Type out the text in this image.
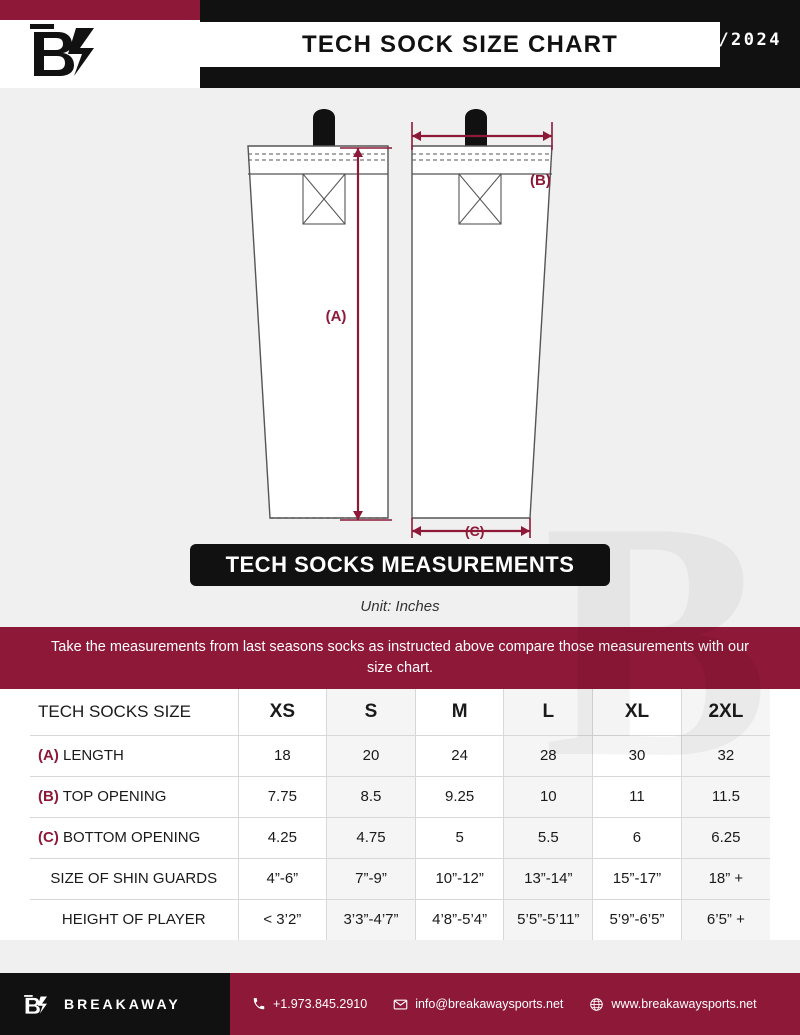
TECH SOCK SIZE CHART	2023/2024
(A)
(B)
(C)
TECH SOCKS MEASUREMENTS
Unit: Inches
Take the measurements from last seasons socks as instructed above compare those measurements with our size chart.
TECH SOCKS SIZE	XS	S	M	L	XL	2XL
(A) LENGTH	18	20	24	28	30	32
(B) TOP OPENING	7.75	8.5	9.25	10	11	11.5
(C) BOTTOM OPENING	4.25	4.75	5	5.5	6	6.25
SIZE OF SHIN GUARDS	4”-6”	7”-9”	10”-12”	13”-14”	15”-17”	18” +
HEIGHT OF PLAYER	< 3’2”	3’3”-4’7”	4’8”-5’4”	5’5”-5’11”	5’9”-6’5”	6’5” +
BREAKAWAY	+1.973.845.2910	info@breakawaysports.net	www.breakawaysports.net
